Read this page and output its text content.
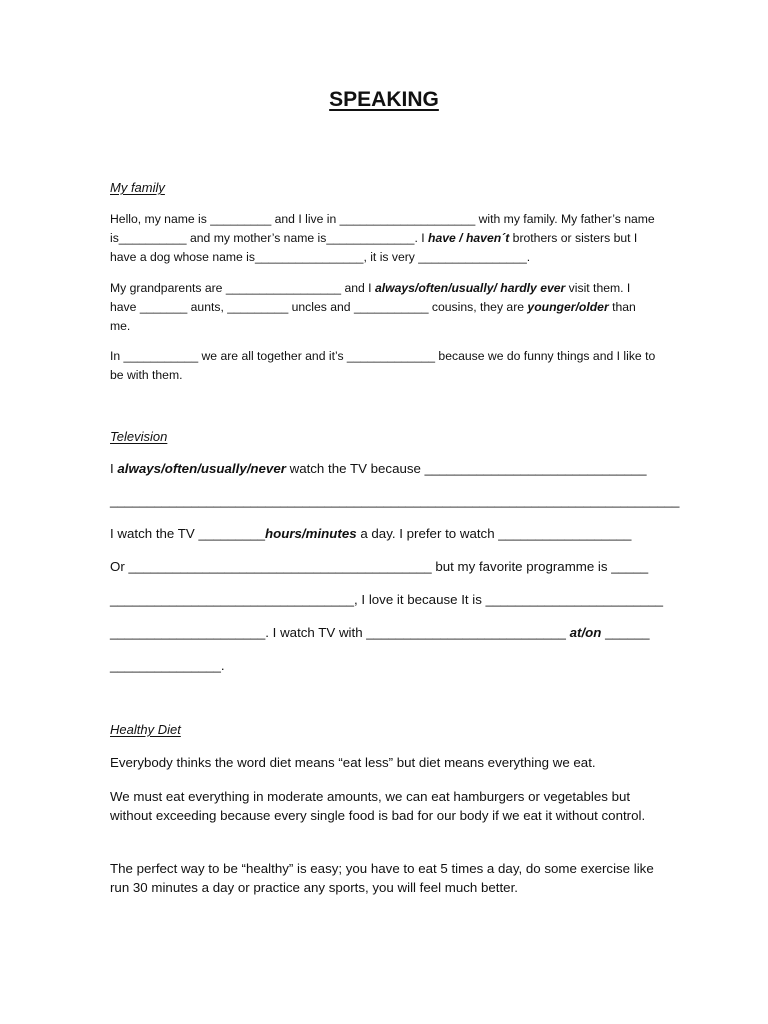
SPEAKING
My family
Hello, my name is _________ and I live in ____________________ with my family. My father’s name is__________ and my mother’s name is_____________. I have / haven´t brothers or sisters but I have a dog whose name is________________, it is very ________________.
My grandparents are _________________ and I always/often/usually/ hardly ever visit them. I have _______ aunts, _________ uncles and ___________ cousins, they are younger/older than me.
In ___________ we are all together and it’s _____________ because we do funny things and I like to be with them.
Television
I always/often/usually/never watch the TV because ______________________________
_____________________________________________________________________________
I watch the TV _________hours/minutes a day. I prefer to watch __________________
Or _________________________________________ but my favorite programme is _____
_________________________________, I love it because It is ________________________
_____________________. I watch TV with ___________________________ at/on ______
_______________.
Healthy Diet
Everybody thinks the word diet means “eat less” but diet means everything we eat.
We must eat everything in moderate amounts, we can eat hamburgers or vegetables but without exceeding because every single food is bad for our body if we eat it without control.
The perfect way to be “healthy” is easy; you have to eat 5 times a day, do some exercise like run 30 minutes a day or practice any sports, you will feel much better.
